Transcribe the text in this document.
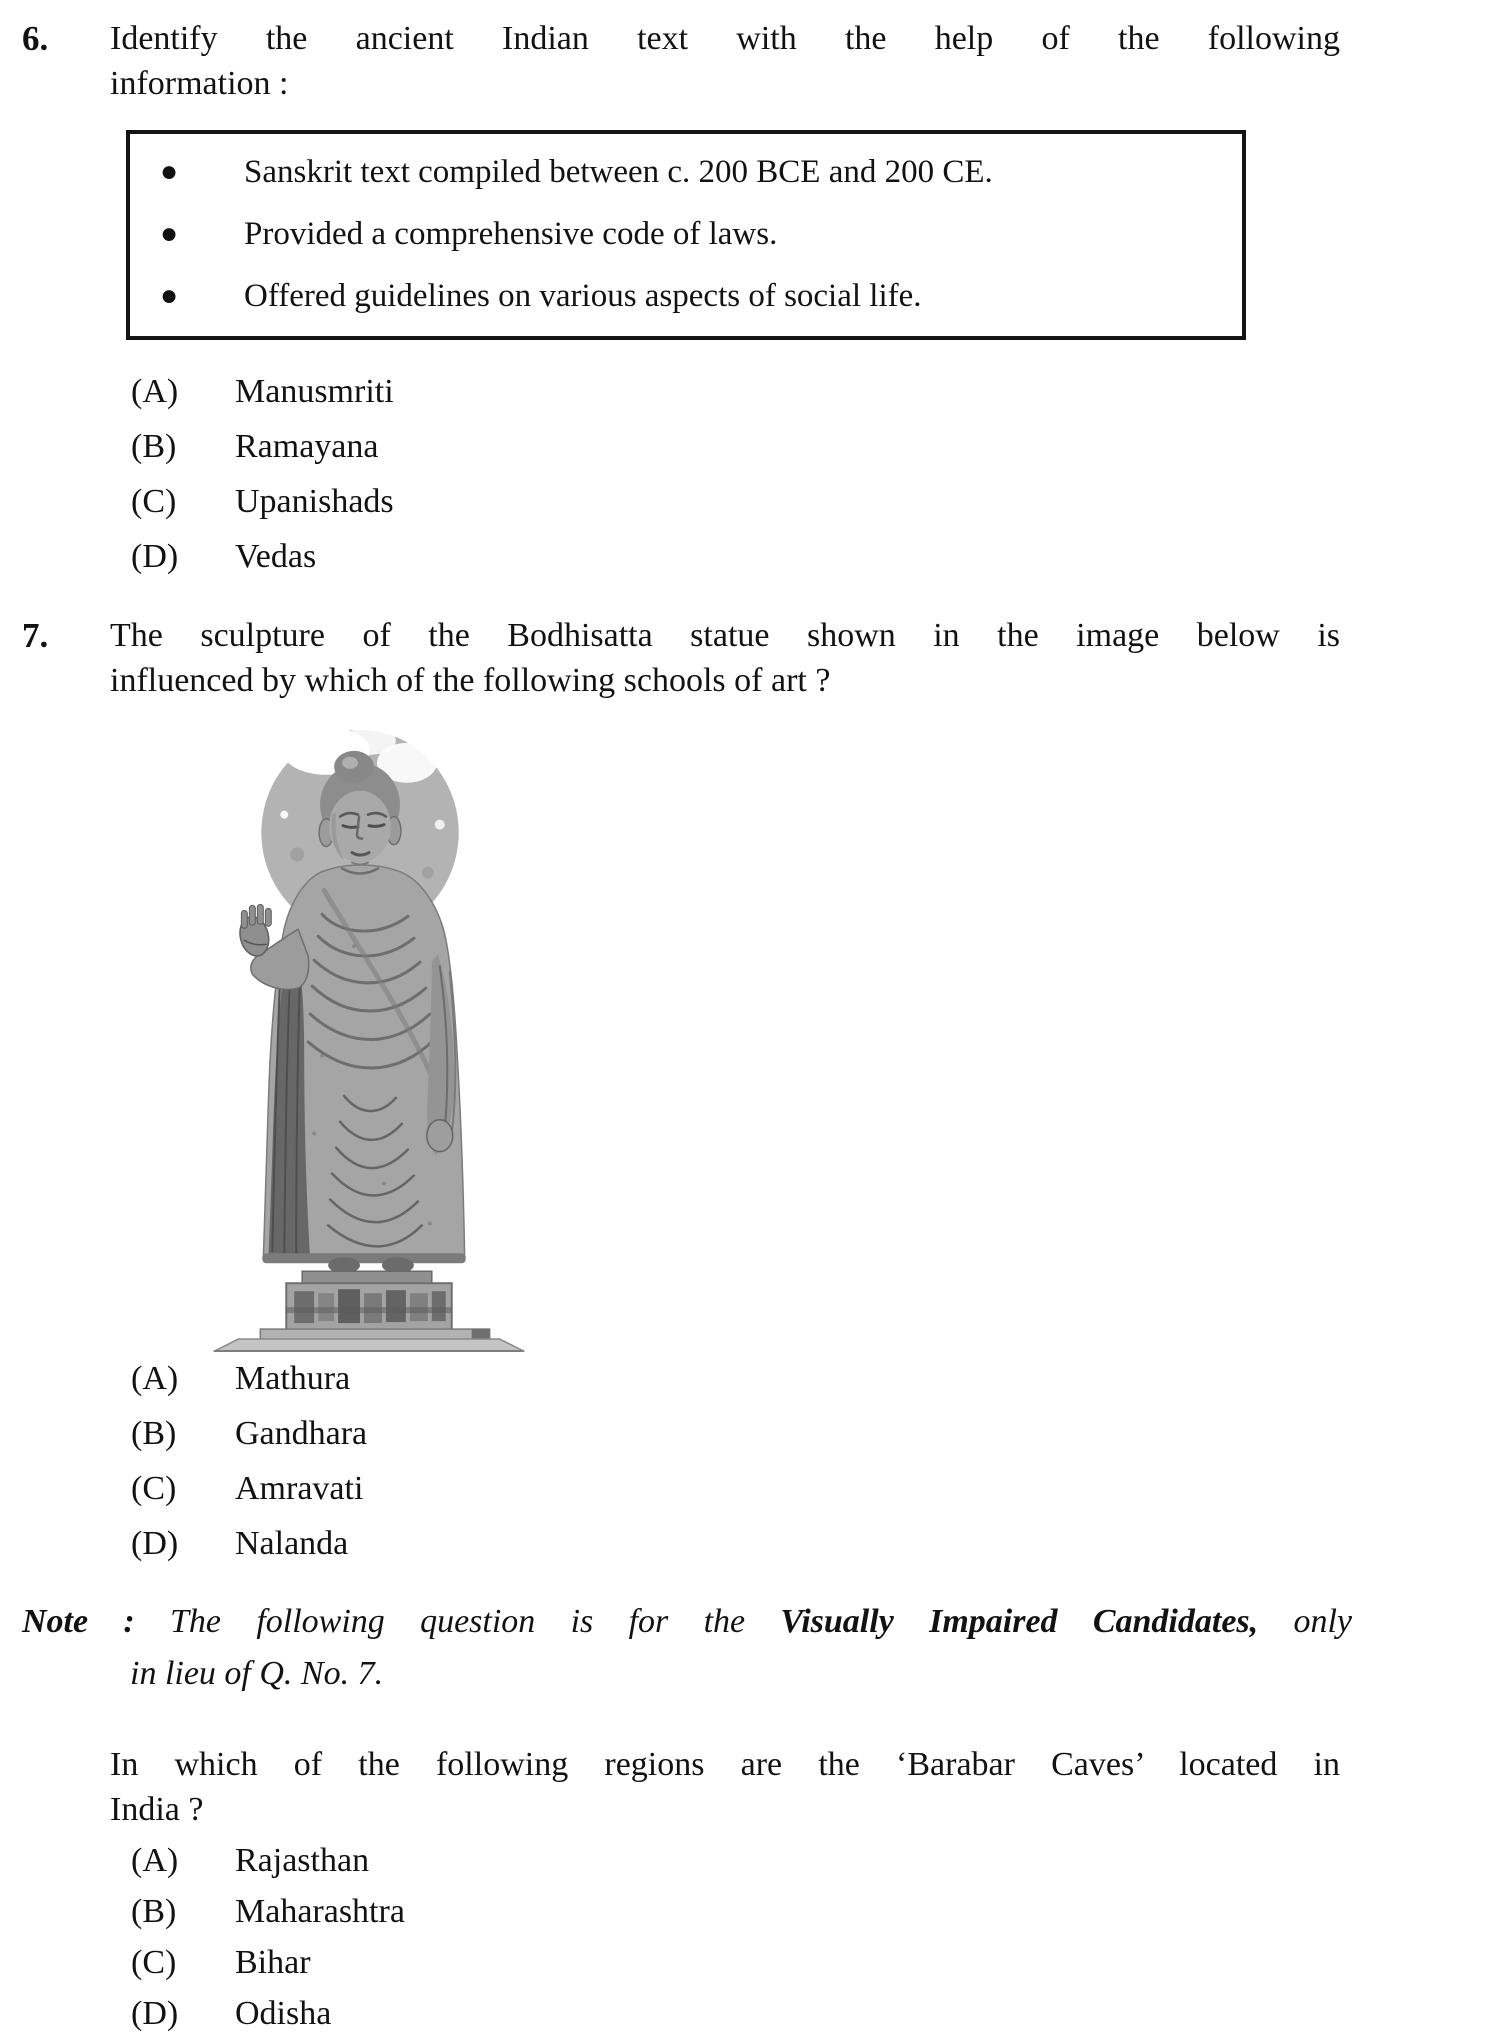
6. Identify the ancient Indian text with the help of the following
information :
●	Sanskrit text compiled between c. 200 BCE and 200 CE.
●	Provided a comprehensive code of laws.
●	Offered guidelines on various aspects of social life.
(A)	Manusmriti
(B)	Ramayana
(C)	Upanishads
(D)	Vedas
7. The sculpture of the Bodhisatta statue shown in the image below is
influenced by which of the following schools of art ?
(A)	Mathura
(B)	Gandhara
(C)	Amravati
(D)	Nalanda
Note : The following question is for the Visually Impaired Candidates, only
in lieu of Q. No. 7.
In which of the following regions are the ‘Barabar Caves’ located in
India ?
(A)	Rajasthan
(B)	Maharashtra
(C)	Bihar
(D)	Odisha
